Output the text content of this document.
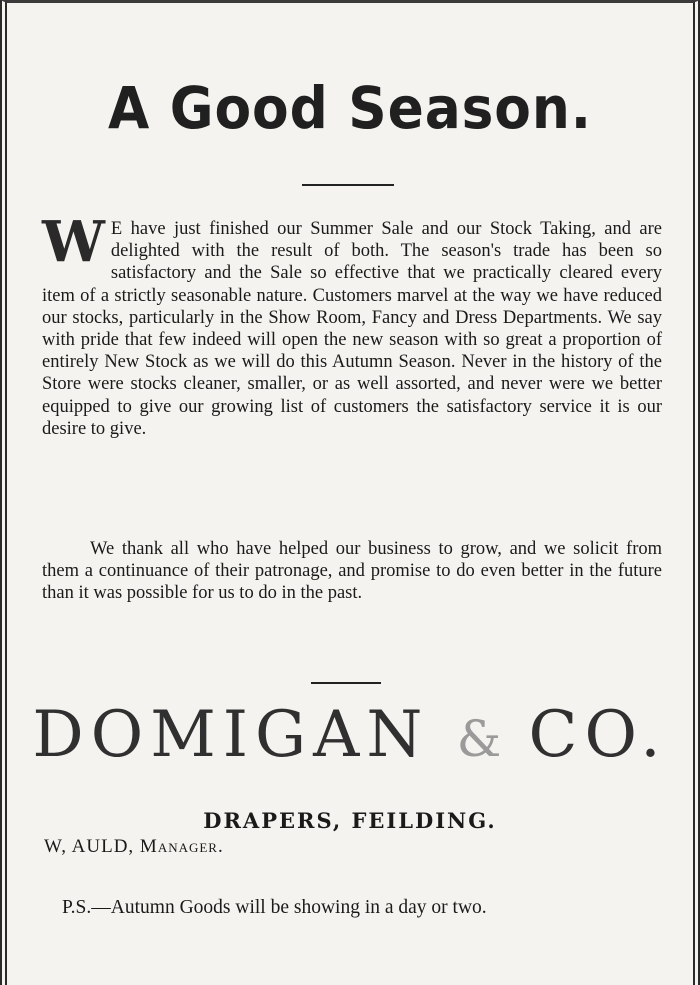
A Good Season.

W E have just finished our Summer Sale and our Stock Taking, and are delighted with the result of both. The season's trade has been so satisfactory and the Sale so effective that we practically cleared every item of a strictly seasonable nature. Customers marvel at the way we have reduced our stocks, particularly in the Show Room, Fancy and Dress Departments. We say with pride that few indeed will open the new season with so great a proportion of entirely New Stock as we will do this Autumn Season. Never in the history of the Store were stocks cleaner, smaller, or as well assorted, and never were we better equipped to give our growing list of customers the satisfactory service it is our desire to give.

We thank all who have helped our business to grow, and we solicit from them a continuance of their patronage, and promise to do even better in the future than it was possible for us to do in the past.

DOMIGAN & CO.

DRAPERS, FEILDING.

W, AULD, Manager.

P.S.—Autumn Goods will be showing in a day or two.
